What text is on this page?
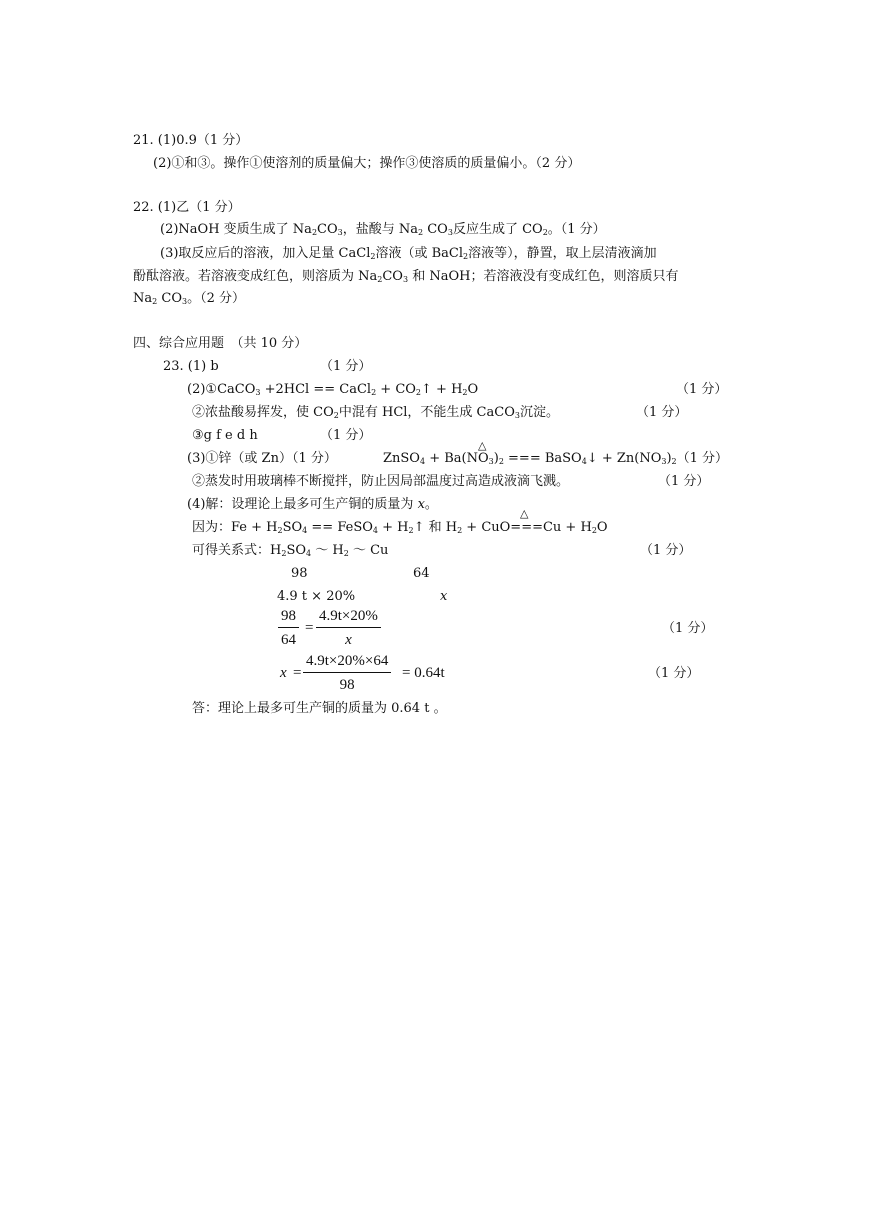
21. (1)0.9（1 分）
(2)①和③。操作①使溶剂的质量偏大；操作③使溶质的质量偏小。（2 分）
22. (1)乙（1 分）
(2)NaOH 变质生成了 $Na_2CO_3$，盐酸与 $Na_2$ $CO_3$反应生成了 $CO_2$。（1 分）
(3)取反应后的溶液，加入足量 CaCl$_2$溶液（或 BaCl$_2$溶液等），静置，取上层清液滴加
酚酞溶液。若溶液变成红色，则溶质为 $Na_2CO_3$ 和 NaOH；若溶液没有变成红色，则溶质只有
$Na_2$ $CO_3$。（2 分）
四、综合应用题　（共 10 分）
23. (1) b	（1 分）
(2)①CaCO$_3$ +2HCl == CaCl$_2$ + $CO_2↑ + H_2O$	（1 分）
②浓盐酸易挥发，使 $CO_2$中混有 HCl，不能生成 CaCO$_3$沉淀。	（1 分）
③g f e d h	（1 分）
△
(3)①锌（或 Zn）（1 分）	ZnSO$_4$ + $Ba(NO_3)_2$ === BaSO$_4$↓ + $Zn(NO_3)_2(1$ 分）
②蒸发时用玻璃棒不断搅拌，防止因局部温度过高造成液滴飞溅。	（1 分）
(4)解：设理论上最多可生产铜的质量为 x。
△
因为：$Fe + H_2SO_4$ == FeSO$_4$ + $H_2↑$ 和 $H_2 + CuO===Cu + H_2O$
可得关系式：$H_2SO_4$ ～ $H_2$ ～ Cu	（1 分）
98	64
4.9 t × 20%	x
$\frac{98}{64} = \frac{4.9t\times 20\%}{x}$	（1 分）
$x = \frac{4.9t\times 20\%\times 64}{98} = 0.64t$	（1 分）
答：理论上最多可生产铜的质量为 0.64 t 。
